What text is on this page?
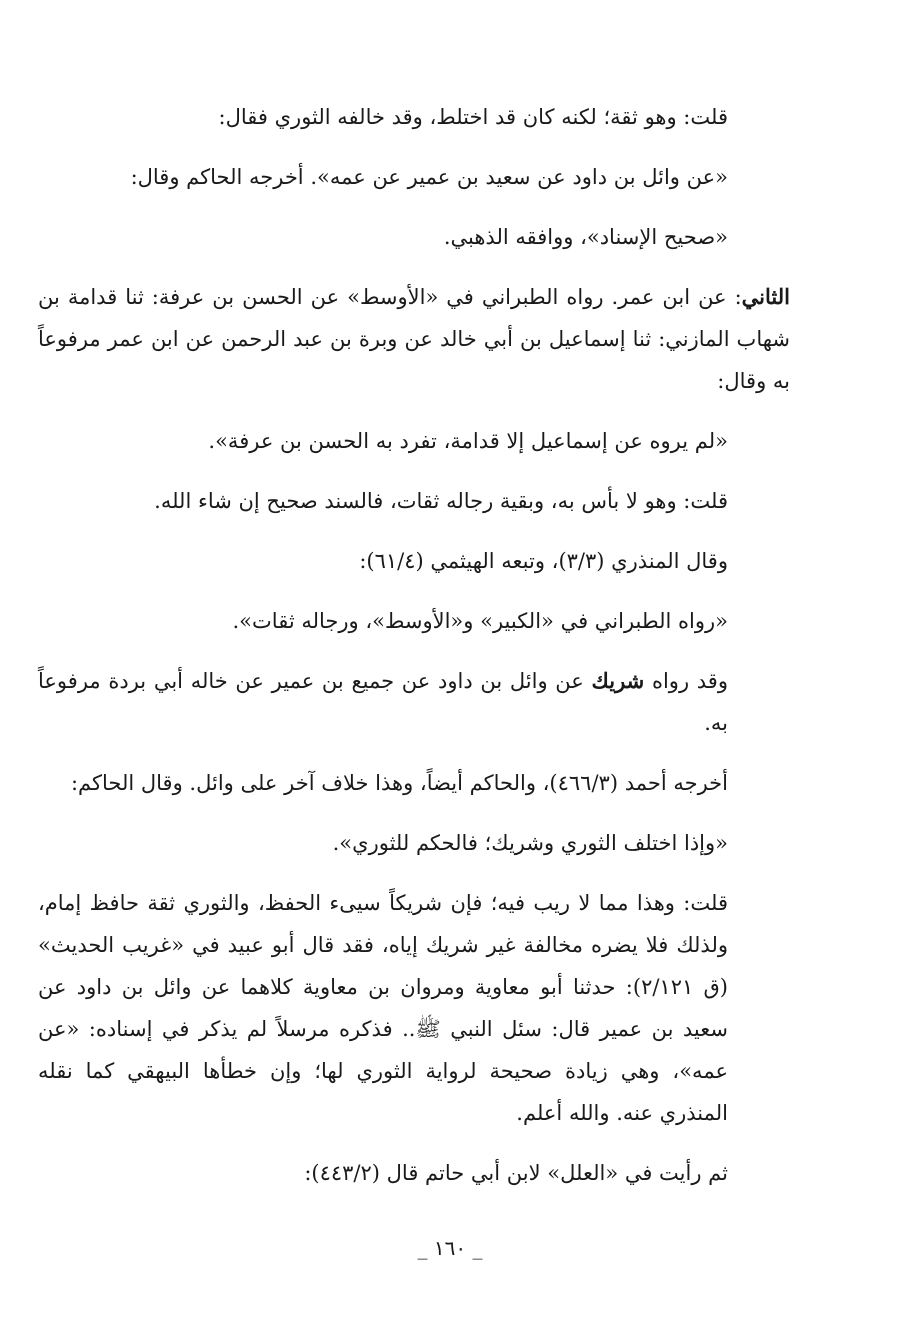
قلت: وهو ثقة؛ لكنه كان قد اختلط، وقد خالفه الثوري فقال:

«عن وائل بن داود عن سعيد بن عمير عن عمه». أخرجه الحاكم وقال:

«صحيح الإسناد»، ووافقه الذهبي.

الثاني: عن ابن عمر. رواه الطبراني في «الأوسط» عن الحسن بن عرفة: ثنا قدامة بن شهاب المازني: ثنا إسماعيل بن أبي خالد عن وبرة بن عبد الرحمن عن ابن عمر مرفوعاً به وقال:

«لم يروه عن إسماعيل إلا قدامة، تفرد به الحسن بن عرفة».

قلت: وهو لا بأس به، وبقية رجاله ثقات، فالسند صحيح إن شاء الله.

وقال المنذري (٣/٣)، وتبعه الهيثمي (٦١/٤):

«رواه الطبراني في «الكبير» و«الأوسط»، ورجاله ثقات».

وقد رواه شريك عن وائل بن داود عن جميع بن عمير عن خاله أبي بردة مرفوعاً به.

أخرجه أحمد (٤٦٦/٣)، والحاكم أيضاً، وهذا خلاف آخر على وائل. وقال الحاكم:

«وإذا اختلف الثوري وشريك؛ فالحكم للثوري».

قلت: وهذا مما لا ريب فيه؛ فإن شريكاً سيىء الحفظ، والثوري ثقة حافظ إمام، ولذلك فلا يضره مخالفة غير شريك إياه، فقد قال أبو عبيد في «غريب الحديث» (ق ٢/١٢١): حدثنا أبو معاوية ومروان بن معاوية كلاهما عن وائل بن داود عن سعيد بن عمير قال: سئل النبي ﷺ.. فذكره مرسلاً لم يذكر في إسناده: «عن عمه»، وهي زيادة صحيحة لرواية الثوري لها؛ وإن خطأها البيهقي كما نقله المنذري عنه. والله أعلم.

ثم رأيت في «العلل» لابن أبي حاتم قال (٤٤٣/٢):

_ ١٦٠ _
